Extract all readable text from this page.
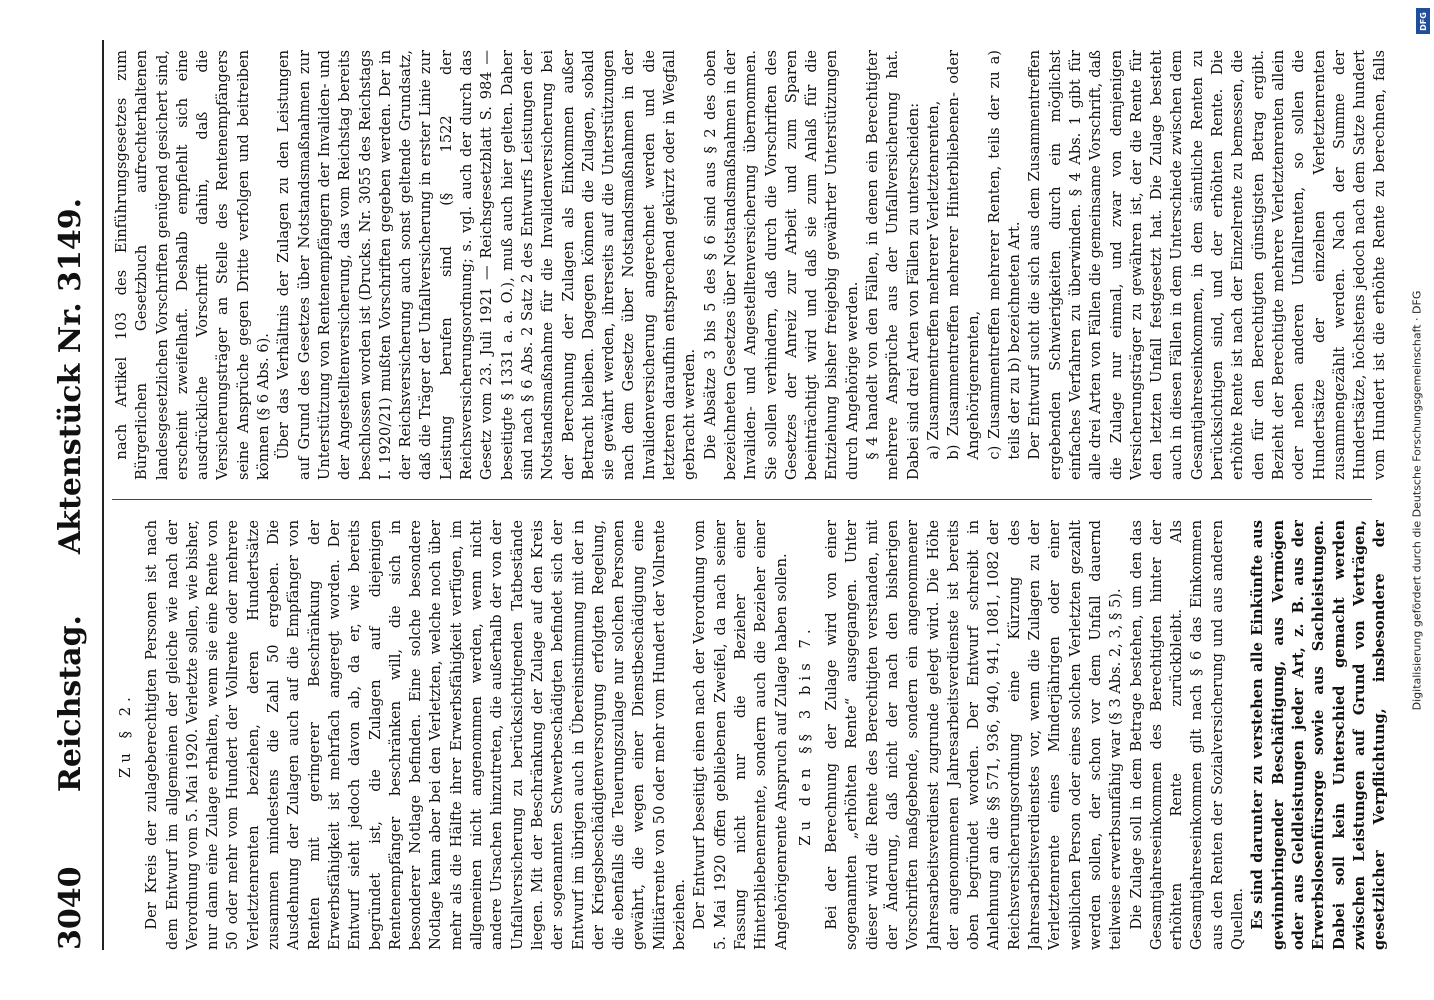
3040
Reichstag.  Aktenstück Nr. 3149.

Zu § 2. Der Kreis der zulageberechtigten Personen ist nach dem Entwurf im allgemeinen der gleiche wie nach der Verordnung vom 5. Mai 1920. Verletzte sollen, wie bisher, nur dann eine Zulage erhalten, wenn sie eine Rente von 50 oder mehr vom Hundert der Vollrente oder mehrere Verletztenrenten beziehen, deren Hundertsätze zusammen mindestens die Zahl 50 ergeben. Die Ausdehnung der Zulagen auch auf die Empfänger von Renten mit geringerer Beschränkung der Erwerbsfähigkeit ist mehrfach angeregt worden. Der Entwurf sieht jedoch davon ab, da er, wie bereits begründet ist, die Zulagen auf diejenigen Rentenempfänger beschränken will, die sich in besonderer Notlage befinden. Eine solche besondere Notlage kann aber bei den Verletzten, welche noch über mehr als die Hälfte ihrer Erwerbsfähigkeit verfügen, im allgemeinen nicht angenommen werden, wenn nicht andere Ursachen hinzutreten, die außerhalb der von der Unfallversicherung zu berücksichtigenden Tatbestände liegen. Mit der Beschränkung der Zulage auf den Kreis der sogenannten Schwerbeschädigten befindet sich der Entwurf im übrigen auch in Übereinstimmung mit der in der Kriegsbeschädigtenversorgung erfolgten Regelung, die ebenfalls die Teuerungszulage nur solchen Personen gewährt, die wegen einer Dienstbeschädigung eine Militärrente von 50 oder mehr vom Hundert der Vollrente beziehen. Der Entwurf beseitigt einen nach der Verordnung vom 5. Mai 1920 offen gebliebenen Zweifel, da nach seiner Fassung nicht nur die Bezieher einer Hinterbliebenenrente, sondern auch die Bezieher einer Angehörigenrente Anspruch auf Zulage haben sollen. Zu den §§ 3 bis 7. Bei der Berechnung der Zulage wird von einer sogenannten „erhöhten Rente“ ausgegangen. Unter dieser wird die Rente des Berechtigten verstanden, mit der Änderung, daß nicht der nach den bisherigen Vorschriften maßgebende, sondern ein angenommener Jahresarbeitsverdienst zugrunde gelegt wird. Die Höhe der angenommenen Jahresarbeitsverdienste ist bereits oben begründet worden. Der Entwurf schreibt in Anlehnung an die §§ 571, 936, 940, 941, 1081, 1082 der Reichsversicherungsordnung eine Kürzung des Jahresarbeitsverdienstes vor, wenn die Zulagen zu der Verletztenrente eines Minderjährigen oder einer weiblichen Person oder eines solchen Verletzten gezahlt werden sollen, der schon vor dem Unfall dauernd teilweise erwerbsunfähig war (§ 3 Abs. 2, 3, § 5). Die Zulage soll in dem Betrage bestehen, um den das Gesamtjahreseinkommen des Berechtigten hinter der erhöhten Rente zurückbleibt. Als Gesamtjahreseinkommen gilt nach § 6 das Einkommen aus den Renten der Sozialversicherung und aus anderen Quellen. Es sind darunter zu verstehen alle Einkünfte aus gewinnbringender Beschäftigung, aus Vermögen oder aus Geldleistungen jeder Art, z. B. aus der Erwerbslosenfürsorge sowie aus Sachleistungen. Dabei soll kein Unterschied gemacht werden zwischen Leistungen auf Grund von Verträgen, gesetzlicher Verpflichtung, insbesondere der

nach Artikel 103 des Einführungsgesetzes zum Bürgerlichen Gesetzbuch aufrechterhaltenen landesgesetzlichen Vorschriften genügend gesichert sind, erscheint zweifelhaft. Deshalb empfiehlt sich eine ausdrückliche Vorschrift dahin, daß die Versicherungsträger an Stelle des Rentenempfängers seine Ansprüche gegen Dritte verfolgen und beitreiben können (§ 6 Abs. 6). Über das Verhältnis der Zulagen zu den Leistungen auf Grund des Gesetzes über Notstandsmaßnahmen zur Unterstützung von Rentenempfängern der Invaliden- und der Angestelltenversicherung, das vom Reichstag bereits beschlossen worden ist (Drucks. Nr. 3055 des Reichstags I. 1920/21) mußten Vorschriften gegeben werden. Der in der Reichsversicherung auch sonst geltende Grundsatz, daß die Träger der Unfallversicherung in erster Linie zur Leistung berufen sind (§ 1522 der Reichsversicherungsordnung; s. vgl. auch der durch das Gesetz vom 23. Juli 1921 — Reichsgesetzblatt S. 984 — beseitigte § 1331 a. a. O.), muß auch hier gelten. Daher sind nach § 6 Abs. 2 Satz 2 des Entwurfs Leistungen der Notstandsmaßnahme für die Invalidenversicherung bei der Berechnung der Zulagen als Einkommen außer Betracht bleiben. Dagegen können die Zulagen, sobald sie gewährt werden, ihrerseits auf die Unterstützungen nach dem Gesetze über Notstandsmaßnahmen in der Invalidenversicherung angerechnet werden und die letzteren daraufhin entsprechend gekürzt oder in Wegfall gebracht werden. Die Absätze 3 bis 5 des § 6 sind aus § 2 des oben bezeichneten Gesetzes über Notstandsmaßnahmen in der Invaliden- und Angestelltenversicherung übernommen. Sie sollen verhindern, daß durch die Vorschriften des Gesetzes der Anreiz zur Arbeit und zum Sparen beeinträchtigt wird und daß sie zum Anlaß für die Entziehung bisher freigebig gewährter Unterstützungen durch Angehörige werden. § 4 handelt von den Fällen, in denen ein Berechtigter mehrere Ansprüche aus der Unfallversicherung hat. Dabei sind drei Arten von Fällen zu unterscheiden: a) Zusammentreffen mehrerer Verletztenrenten, b) Zusammentreffen mehrerer Hinterbliebenen- oder Angehörigenrenten, c) Zusammentreffen mehrerer Renten, teils der zu a) teils der zu b) bezeichneten Art. Der Entwurf sucht die sich aus dem Zusammentreffen ergebenden Schwierigkeiten durch ein möglichst einfaches Verfahren zu überwinden. § 4 Abs. 1 gibt für alle drei Arten von Fällen die gemeinsame Vorschrift, daß die Zulage nur einmal, und zwar von demjenigen Versicherungsträger zu gewähren ist, der die Rente für den letzten Unfall festgesetzt hat. Die Zulage besteht auch in diesen Fällen in dem Unterschiede zwischen dem Gesamtjahreseinkommen, in dem sämtliche Renten zu berücksichtigen sind, und der erhöhten Rente. Die erhöhte Rente ist nach der Einzelrente zu bemessen, die den für den Berechtigten günstigsten Betrag ergibt. Bezieht der Berechtigte mehrere Verletztenrenten allein oder neben anderen Unfallrenten, so sollen die Hundertsätze der einzelnen Verletztenrenten zusammengezählt werden. Nach der Summe der Hundertsätze, höchstens jedoch nach dem Satze hundert vom Hundert ist die erhöhte Rente zu berechnen, falls

Digitalisierung gefördert durch die Deutsche Forschungsgemeinschaft · DFG
DFG
